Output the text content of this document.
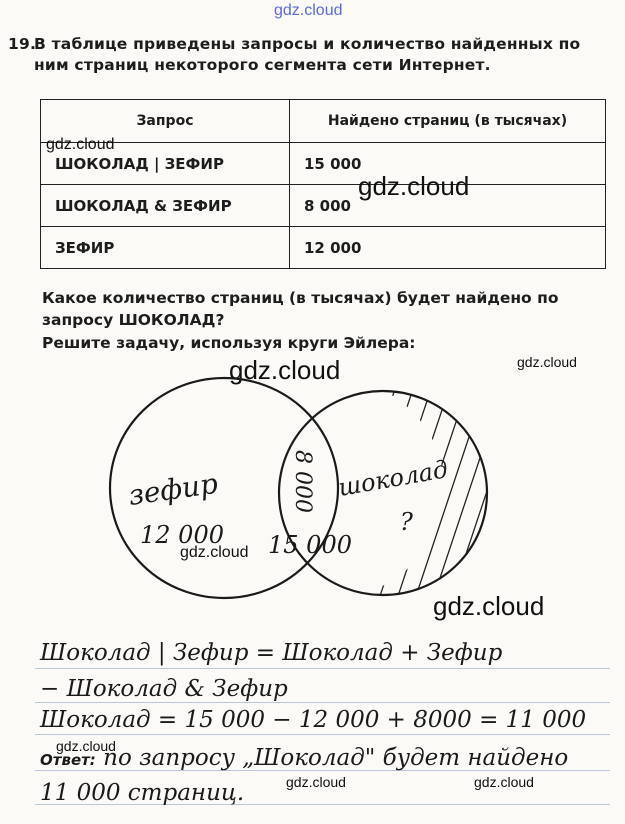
gdz.cloud
19.
В таблице приведены запросы и количество найденных по ним страниц некоторого сегмента сети Интернет.
Запрос	Найдено страниц (в тысячах)
ШОКОЛАД | ЗЕФИР	15 000
ШОКОЛАД & ЗЕФИР	8 000
ЗЕФИР	12 000
gdz.cloud
gdz.cloud
Какое количество страниц (в тысячах) будет найдено по
запросу ШОКОЛАД?
Решите задачу, используя круги Эйлера:
gdz.cloud
gdz.cloud
зефир
12 000
8 000 шоколад
?
15 000
gdz.cloud
gdz.cloud
Шоколад | Зефир = Шоколад + Зефир
− Шоколад & Зефир
Шоколад = 15 000 − 12 000 + 8000 = 11 000
Ответ: по запросу „Шоколад" будет найдено
11 000 страниц.
gdz.cloud
gdz.cloud	gdz.cloud
